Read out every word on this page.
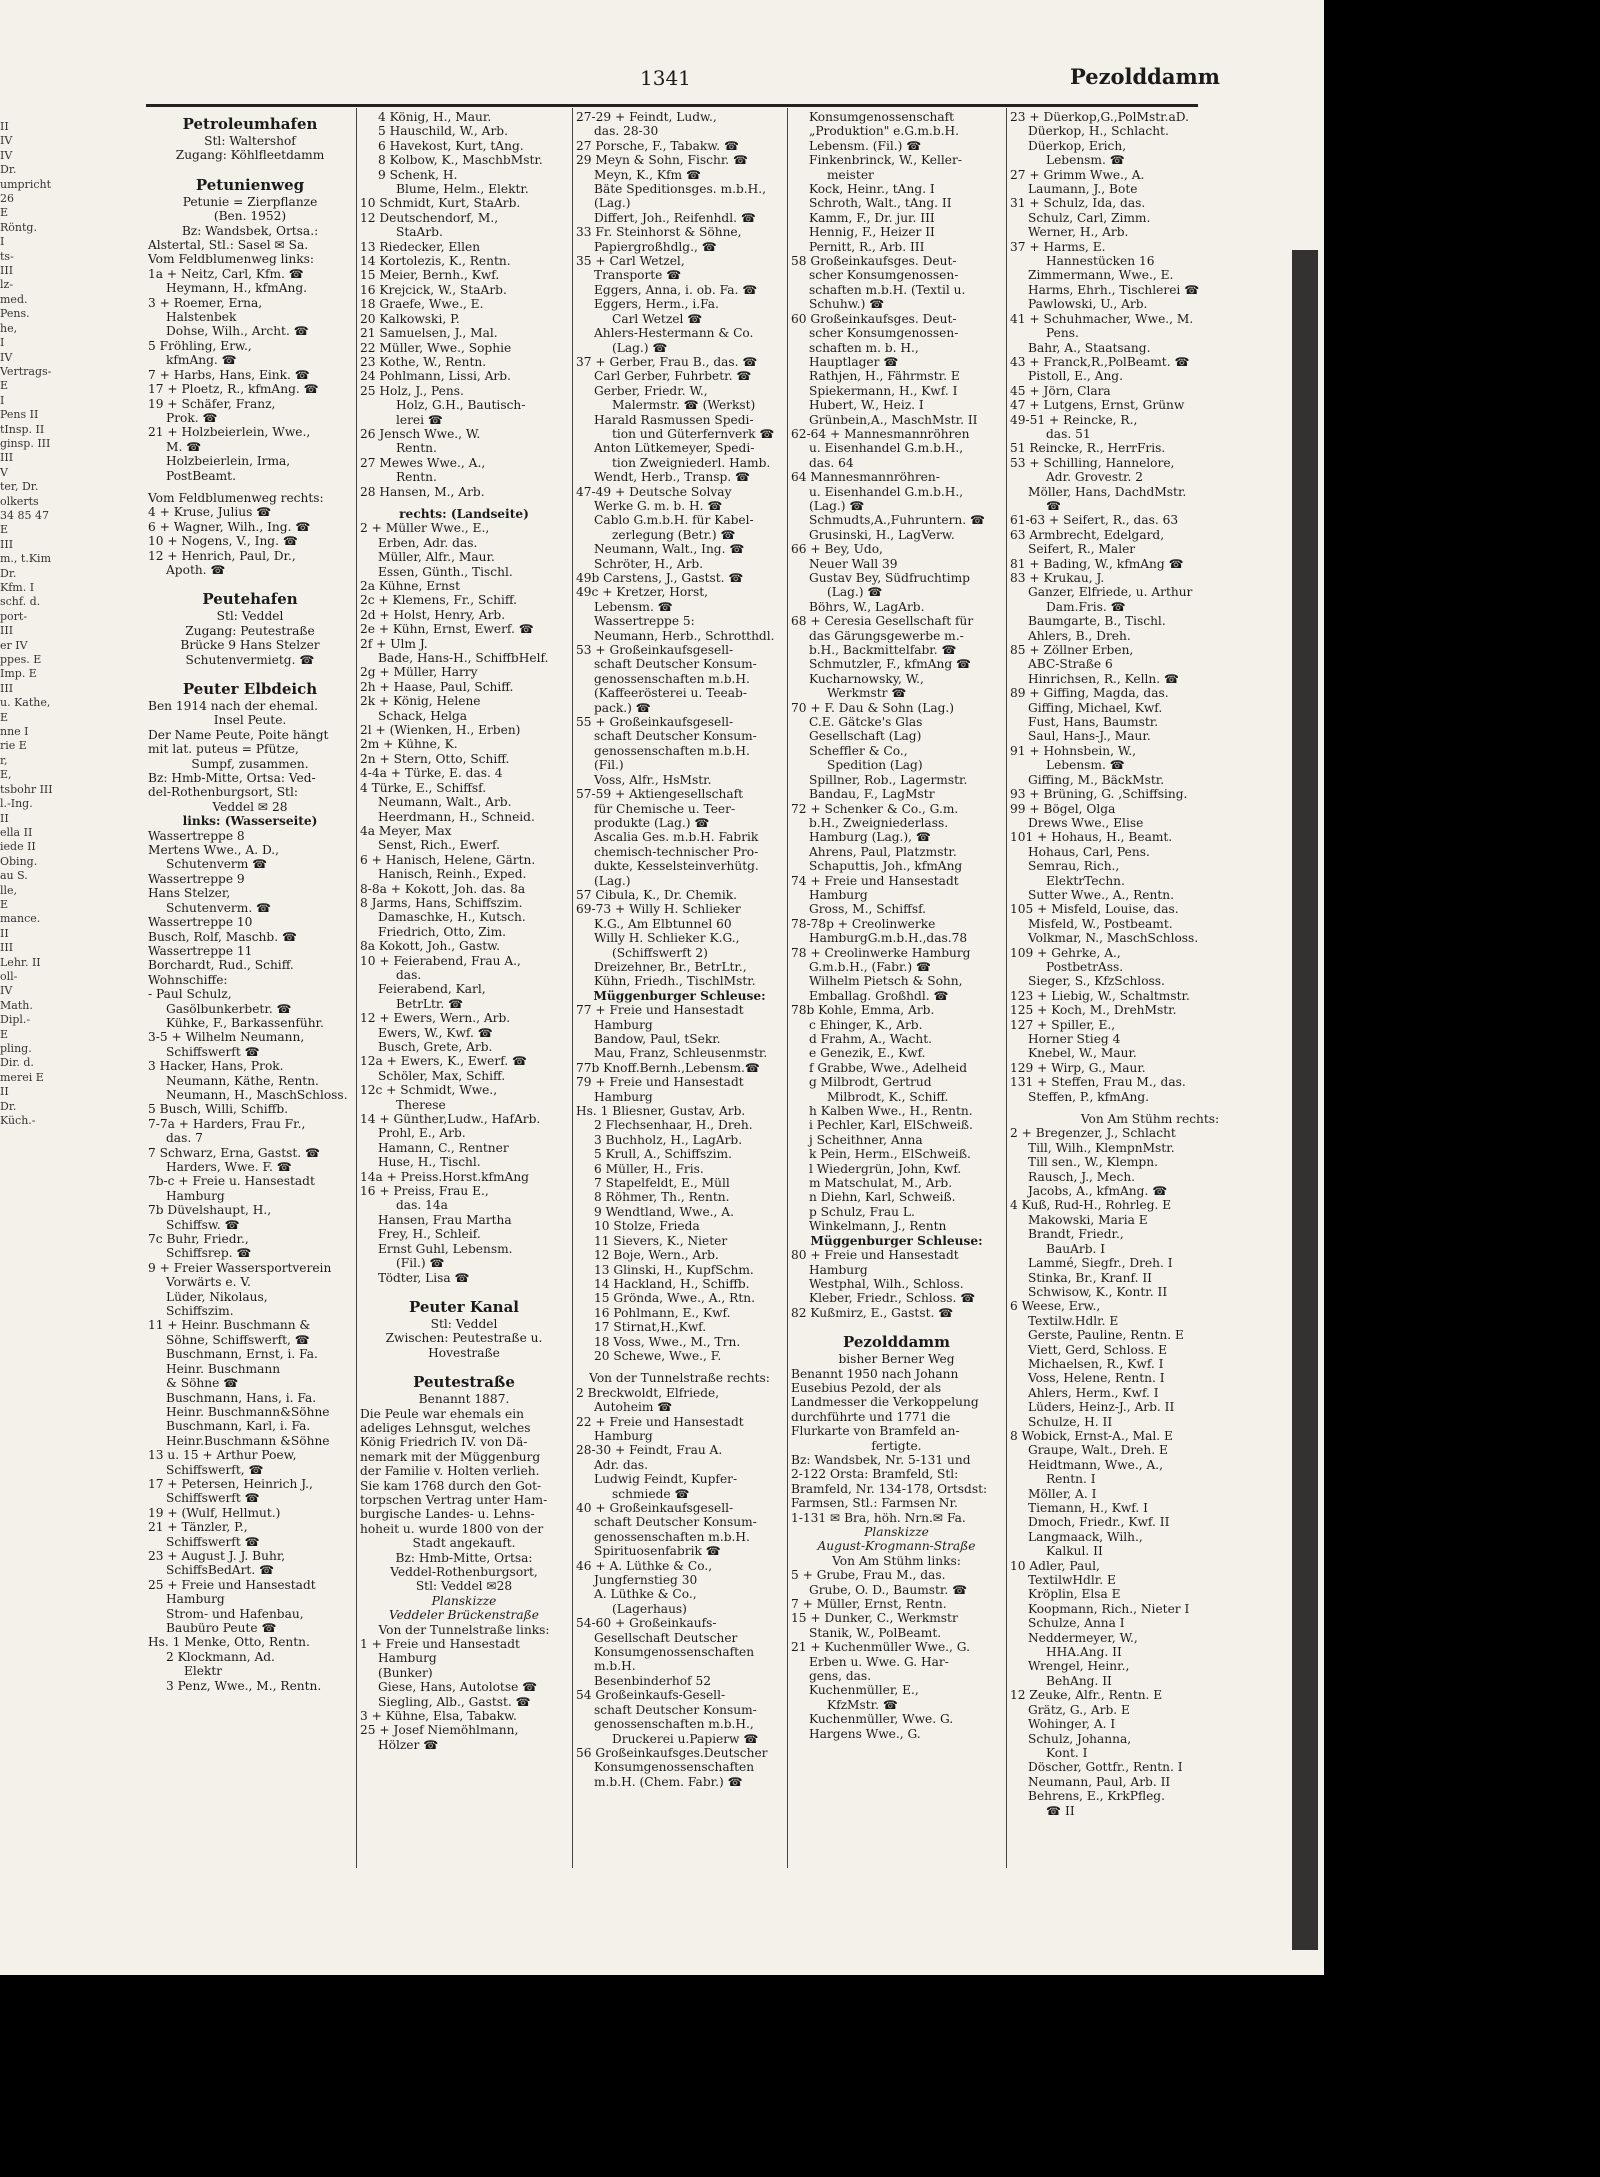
II
IV
IV
Dr.
umpricht
26
E
Röntg.
I
ts-
III
lz-
med.
Pens.
he,
I
IV
Vertrags-
E
I
Pens II
tInsp. II
ginsp. III
III
V
ter, Dr.
olkerts
34 85 47
E
III
m., t.Kim
Dr.
Kfm. I
schf. d.
port-
III
er IV
ppes. E
Imp. E
III
u. Kathe,
E
nne I
rie E
r,
E,
tsbohr III
l.-Ing.
II
ella II
iede II
Obing.
au S.
lle,
E
mance.
II
III
Lehr. II
oll-
IV
Math.
Dipl.-
E
pling.
Dir. d.
merei E
II
Dr.
Küch.-
1341	Pezolddamm
Petroleumhafen
Stl: Waltershof
Zugang: Köhlfleetdamm
Petunienweg
Petunie = Zierpflanze
(Ben. 1952)
Bz: Wandsbek, Ortsa.:
Alstertal, Stl.: Sasel ✉ Sa.
Vom Feldblumenweg links:
1a + Neitz, Carl, Kfm. ☎
Heymann, H., kfmAng.
3 + Roemer, Erna,
Halstenbek
Dohse, Wilh., Archt. ☎
5 Fröhling, Erw.,
kfmAng. ☎
7 + Harbs, Hans, Eink. ☎
17 + Ploetz, R., kfmAng. ☎
19 + Schäfer, Franz,
Prok. ☎
21 + Holzbeierlein, Wwe.,
M. ☎
Holzbeierlein, Irma,
PostBeamt.
Vom Feldblumenweg rechts:
4 + Kruse, Julius ☎
6 + Wagner, Wilh., Ing. ☎
10 + Nogens, V., Ing. ☎
12 + Henrich, Paul, Dr.,
Apoth. ☎
Peutehafen
Stl: Veddel
Zugang: Peutestraße
Brücke 9 Hans Stelzer
Schutenvermietg. ☎
Peuter Elbdeich
Ben 1914 nach der ehemal.
Insel Peute.
Der Name Peute, Poite hängt
mit lat. puteus = Pfütze,
Sumpf, zusammen.
Bz: Hmb-Mitte, Ortsa: Ved-
del-Rothenburgsort, Stl:
Veddel ✉ 28
links: (Wasserseite)
Wassertreppe 8
Mertens Wwe., A. D.,
Schutenverm ☎
Wassertreppe 9
Hans Stelzer,
Schutenverm. ☎
Wassertreppe 10
Busch, Rolf, Maschb. ☎
Wassertreppe 11
Borchardt, Rud., Schiff.
Wohnschiffe:
- Paul Schulz,
Gasölbunkerbetr. ☎
Kühke, F., Barkassenführ.
3-5 + Wilhelm Neumann,
Schiffswerft ☎
3 Hacker, Hans, Prok.
Neumann, Käthe, Rentn.
Neumann, H., MaschSchloss.
5 Busch, Willi, Schiffb.
7-7a + Harders, Frau Fr.,
das. 7
7 Schwarz, Erna, Gastst. ☎
Harders, Wwe. F. ☎
7b-c + Freie u. Hansestadt
Hamburg
7b Düvelshaupt, H.,
Schiffsw. ☎
7c Buhr, Friedr.,
Schiffsrep. ☎
9 + Freier Wassersportverein
Vorwärts e. V.
Lüder, Nikolaus,
Schiffszim.
11 + Heinr. Buschmann &
Söhne, Schiffswerft, ☎
Buschmann, Ernst, i. Fa.
Heinr. Buschmann
& Söhne ☎
Buschmann, Hans, i. Fa.
Heinr. Buschmann&Söhne
Buschmann, Karl, i. Fa.
Heinr.Buschmann &Söhne
13 u. 15 + Arthur Poew,
Schiffswerft, ☎
17 + Petersen, Heinrich J.,
Schiffswerft ☎
19 + (Wulf, Hellmut.)
21 + Tänzler, P.,
Schiffswerft ☎
23 + August J. J. Buhr,
SchiffsBedArt. ☎
25 + Freie und Hansestadt
Hamburg
Strom- und Hafenbau,
Baubüro Peute ☎
Hs. 1 Menke, Otto, Rentn.
2 Klockmann, Ad.
Elektr
3 Penz, Wwe., M., Rentn.
4 König, H., Maur.
5 Hauschild, W., Arb.
6 Havekost, Kurt, tAng.
8 Kolbow, K., MaschbMstr.
9 Schenk, H.
Blume, Helm., Elektr.
10 Schmidt, Kurt, StaArb.
12 Deutschendorf, M.,
StaArb.
13 Riedecker, Ellen
14 Kortolezis, K., Rentn.
15 Meier, Bernh., Kwf.
16 Krejcick, W., StaArb.
18 Graefe, Wwe., E.
20 Kalkowski, P.
21 Samuelsen, J., Mal.
22 Müller, Wwe., Sophie
23 Kothe, W., Rentn.
24 Pohlmann, Lissi, Arb.
25 Holz, J., Pens.
Holz, G.H., Bautisch-
lerei ☎
26 Jensch Wwe., W.
Rentn.
27 Mewes Wwe., A.,
Rentn.
28 Hansen, M., Arb.
rechts: (Landseite)
2 + Müller Wwe., E.,
Erben, Adr. das.
Müller, Alfr., Maur.
Essen, Günth., Tischl.
2a Kühne, Ernst
2c + Klemens, Fr., Schiff.
2d + Holst, Henry, Arb.
2e + Kühn, Ernst, Ewerf. ☎
2f + Ulm J.
Bade, Hans-H., SchiffbHelf.
2g + Müller, Harry
2h + Haase, Paul, Schiff.
2k + König, Helene
Schack, Helga
2l + (Wienken, H., Erben)
2m + Kühne, K.
2n + Stern, Otto, Schiff.
4-4a + Türke, E. das. 4
4 Türke, E., Schiffsf.
Neumann, Walt., Arb.
Heerdmann, H., Schneid.
4a Meyer, Max
Senst, Rich., Ewerf.
6 + Hanisch, Helene, Gärtn.
Hanisch, Reinh., Exped.
8-8a + Kokott, Joh. das. 8a
8 Jarms, Hans, Schiffszim.
Damaschke, H., Kutsch.
Friedrich, Otto, Zim.
8a Kokott, Joh., Gastw.
10 + Feierabend, Frau A.,
das.
Feierabend, Karl,
BetrLtr. ☎
12 + Ewers, Wern., Arb.
Ewers, W., Kwf. ☎
Busch, Grete, Arb.
12a + Ewers, K., Ewerf. ☎
Schöler, Max, Schiff.
12c + Schmidt, Wwe.,
Therese
14 + Günther,Ludw., HafArb.
Prohl, E., Arb.
Hamann, C., Rentner
Huse, H., Tischl.
14a + Preiss.Horst.kfmAng
16 + Preiss, Frau E.,
das. 14a
Hansen, Frau Martha
Frey, H., Schleif.
Ernst Guhl, Lebensm.
(Fil.) ☎
Tödter, Lisa ☎
Peuter Kanal
Stl: Veddel
Zwischen: Peutestraße u.
Hovestraße
Peutestraße
Benannt 1887.
Die Peule war ehemals ein
adeliges Lehnsgut, welches
König Friedrich IV. von Dä-
nemark mit der Müggenburg
der Familie v. Holten verlieh.
Sie kam 1768 durch den Got-
torpschen Vertrag unter Ham-
burgische Landes- u. Lehns-
hoheit u. wurde 1800 von der
Stadt angekauft.
Bz: Hmb-Mitte, Ortsa:
Veddel-Rothenburgsort,
Stl: Veddel ✉28
Planskizze
Veddeler Brückenstraße
Von der Tunnelstraße links:
1 + Freie und Hansestadt
Hamburg
(Bunker)
Giese, Hans, Autolotse ☎
Siegling, Alb., Gastst. ☎
3 + Kühne, Elsa, Tabakw.
25 + Josef Niemöhlmann,
Hölzer ☎
27-29 + Feindt, Ludw.,
das. 28-30
27 Porsche, F., Tabakw. ☎
29 Meyn & Sohn, Fischr. ☎
Meyn, K., Kfm ☎
Bäte Speditionsges. m.b.H.,
(Lag.)
Differt, Joh., Reifenhdl. ☎
33 Fr. Steinhorst & Söhne,
Papiergroßhdlg., ☎
35 + Carl Wetzel,
Transporte ☎
Eggers, Anna, i. ob. Fa. ☎
Eggers, Herm., i.Fa.
Carl Wetzel ☎
Ahlers-Hestermann & Co.
(Lag.) ☎
37 + Gerber, Frau B., das. ☎
Carl Gerber, Fuhrbetr. ☎
Gerber, Friedr. W.,
Malermstr. ☎ (Werkst)
Harald Rasmussen Spedi-
tion und Güterfernverk ☎
Anton Lütkemeyer, Spedi-
tion Zweigniederl. Hamb.
Wendt, Herb., Transp. ☎
47-49 + Deutsche Solvay
Werke G. m. b. H. ☎
Cablo G.m.b.H. für Kabel-
zerlegung (Betr.) ☎
Neumann, Walt., Ing. ☎
Schröter, H., Arb.
49b Carstens, J., Gastst. ☎
49c + Kretzer, Horst,
Lebensm. ☎
Wassertreppe 5:
Neumann, Herb., Schrotthdl.
53 + Großeinkaufsgesell-
schaft Deutscher Konsum-
genossenschaften m.b.H.
(Kaffeerösterei u. Teeab-
pack.) ☎
55 + Großeinkaufsgesell-
schaft Deutscher Konsum-
genossenschaften m.b.H.
(Fil.)
Voss, Alfr., HsMstr.
57-59 + Aktiengesellschaft
für Chemische u. Teer-
produkte (Lag.) ☎
Ascalia Ges. m.b.H. Fabrik
chemisch-technischer Pro-
dukte, Kesselsteinverhütg.
(Lag.)
57 Cibula, K., Dr. Chemik.
69-73 + Willy H. Schlieker
K.G., Am Elbtunnel 60
Willy H. Schlieker K.G.,
(Schiffswerft 2)
Dreizehner, Br., BetrLtr.,
Kühn, Friedh., TischlMstr.
Müggenburger Schleuse:
77 + Freie und Hansestadt
Hamburg
Bandow, Paul, tSekr.
Mau, Franz, Schleusenmstr.
77b Knoff.Bernh.,Lebensm.☎
79 + Freie und Hansestadt
Hamburg
Hs. 1 Bliesner, Gustav, Arb.
2 Flechsenhaar, H., Dreh.
3 Buchholz, H., LagArb.
5 Krull, A., Schiffszim.
6 Müller, H., Fris.
7 Stapelfeldt, E., Müll
8 Röhmer, Th., Rentn.
9 Wendtland, Wwe., A.
10 Stolze, Frieda
11 Sievers, K., Nieter
12 Boje, Wern., Arb.
13 Glinski, H., KupfSchm.
14 Hackland, H., Schiffb.
15 Grönda, Wwe., A., Rtn.
16 Pohlmann, E., Kwf.
17 Stirnat,H.,Kwf.
18 Voss, Wwe., M., Trn.
20 Schewe, Wwe., F.
Von der Tunnelstraße rechts:
2 Breckwoldt, Elfriede,
Autoheim ☎
22 + Freie und Hansestadt
Hamburg
28-30 + Feindt, Frau A.
Adr. das.
Ludwig Feindt, Kupfer-
schmiede ☎
40 + Großeinkaufsgesell-
schaft Deutscher Konsum-
genossenschaften m.b.H.
Spirituosenfabrik ☎
46 + A. Lüthke & Co.,
Jungfernstieg 30
A. Lüthke & Co.,
(Lagerhaus)
54-60 + Großeinkaufs-
Gesellschaft Deutscher
Konsumgenossenschaften
m.b.H.
Besenbinderhof 52
54 Großeinkaufs-Gesell-
schaft Deutscher Konsum-
genossenschaften m.b.H.,
Druckerei u.Papierw ☎
56 Großeinkaufsges.Deutscher
Konsumgenossenschaften
m.b.H. (Chem. Fabr.) ☎
Konsumgenossenschaft
„Produktion" e.G.m.b.H.
Lebensm. (Fil.) ☎
Finkenbrinck, W., Keller-
meister
Kock, Heinr., tAng. I
Schroth, Walt., tAng. II
Kamm, F., Dr. jur. III
Hennig, F., Heizer II
Pernitt, R., Arb. III
58 Großeinkaufsges. Deut-
scher Konsumgenossen-
schaften m.b.H. (Textil u.
Schuhw.) ☎
60 Großeinkaufsges. Deut-
scher Konsumgenossen-
schaften m. b. H.,
Hauptlager ☎
Rathjen, H., Fährmstr. E
Spiekermann, H., Kwf. I
Hubert, W., Heiz. I
Grünbein,A., MaschMstr. II
62-64 + Mannesmannröhren
u. Eisenhandel G.m.b.H.,
das. 64
64 Mannesmannröhren-
u. Eisenhandel G.m.b.H.,
(Lag.) ☎
Schmudts,A.,Fuhruntern. ☎
Grusinski, H., LagVerw.
66 + Bey, Udo,
Neuer Wall 39
Gustav Bey, Südfruchtimp
(Lag.) ☎
Böhrs, W., LagArb.
68 + Ceresia Gesellschaft für
das Gärungsgewerbe m.-
b.H., Backmittelfabr. ☎
Schmutzler, F., kfmAng ☎
Kucharnowsky, W.,
Werkmstr ☎
70 + F. Dau & Sohn (Lag.)
C.E. Gätcke's Glas
Gesellschaft (Lag)
Scheffler & Co.,
Spedition (Lag)
Spillner, Rob., Lagermstr.
Bandau, F., LagMstr
72 + Schenker & Co., G.m.
b.H., Zweigniederlass.
Hamburg (Lag.), ☎
Ahrens, Paul, Platzmstr.
Schaputtis, Joh., kfmAng
74 + Freie und Hansestadt
Hamburg
Gross, M., Schiffsf.
78-78p + Creolinwerke
HamburgG.m.b.H.,das.78
78 + Creolinwerke Hamburg
G.m.b.H., (Fabr.) ☎
Wilhelm Pietsch & Sohn,
Emballag. Großhdl. ☎
78b Kohle, Emma, Arb.
c Ehinger, K., Arb.
d Frahm, A., Wacht.
e Genezik, E., Kwf.
f Grabbe, Wwe., Adelheid
g Milbrodt, Gertrud
Milbrodt, K., Schiff.
h Kalben Wwe., H., Rentn.
i Pechler, Karl, ElSchweiß.
j Scheithner, Anna
k Pein, Herm., ElSchweiß.
l Wiedergrün, John, Kwf.
m Matschulat, M., Arb.
n Diehn, Karl, Schweiß.
p Schulz, Frau L.
Winkelmann, J., Rentn
Müggenburger Schleuse:
80 + Freie und Hansestadt
Hamburg
Westphal, Wilh., Schloss.
Kleber, Friedr., Schloss. ☎
82 Kußmirz, E., Gastst. ☎
Pezolddamm
bisher Berner Weg
Benannt 1950 nach Johann
Eusebius Pezold, der als
Landmesser die Verkoppelung
durchführte und 1771 die
Flurkarte von Bramfeld an-
fertigte.
Bz: Wandsbek, Nr. 5-131 und
2-122 Orsta: Bramfeld, Stl:
Bramfeld, Nr. 134-178, Ortsdst:
Farmsen, Stl.: Farmsen Nr.
1-131 ✉ Bra, höh. Nrn.✉ Fa.
Planskizze
August-Krogmann-Straße
Von Am Stühm links:
5 + Grube, Frau M., das.
Grube, O. D., Baumstr. ☎
7 + Müller, Ernst, Rentn.
15 + Dunker, C., Werkmstr
Stanik, W., PolBeamt.
21 + Kuchenmüller Wwe., G.
Erben u. Wwe. G. Har-
gens, das.
Kuchenmüller, E.,
KfzMstr. ☎
Kuchenmüller, Wwe. G.
Hargens Wwe., G.
23 + Düerkop,G.,PolMstr.aD.
Düerkop, H., Schlacht.
Düerkop, Erich,
Lebensm. ☎
27 + Grimm Wwe., A.
Laumann, J., Bote
31 + Schulz, Ida, das.
Schulz, Carl, Zimm.
Werner, H., Arb.
37 + Harms, E.
Hannestücken 16
Zimmermann, Wwe., E.
Harms, Ehrh., Tischlerei ☎
Pawlowski, U., Arb.
41 + Schuhmacher, Wwe., M.
Pens.
Bahr, A., Staatsang.
43 + Franck,R.,PolBeamt. ☎
Pistoll, E., Ang.
45 + Jörn, Clara
47 + Lutgens, Ernst, Grünw
49-51 + Reincke, R.,
das. 51
51 Reincke, R., HerrFris.
53 + Schilling, Hannelore,
Adr. Grovestr. 2
Möller, Hans, DachdMstr.
☎
61-63 + Seifert, R., das. 63
63 Armbrecht, Edelgard,
Seifert, R., Maler
81 + Bading, W., kfmAng ☎
83 + Krukau, J.
Ganzer, Elfriede, u. Arthur
Dam.Fris. ☎
Baumgarte, B., Tischl.
Ahlers, B., Dreh.
85 + Zöllner Erben,
ABC-Straße 6
Hinrichsen, R., Kelln. ☎
89 + Giffing, Magda, das.
Giffing, Michael, Kwf.
Fust, Hans, Baumstr.
Saul, Hans-J., Maur.
91 + Hohnsbein, W.,
Lebensm. ☎
Giffing, M., BäckMstr.
93 + Brüning, G. ,Schiffsing.
99 + Bögel, Olga
Drews Wwe., Elise
101 + Hohaus, H., Beamt.
Hohaus, Carl, Pens.
Semrau, Rich.,
ElektrTechn.
Sutter Wwe., A., Rentn.
105 + Misfeld, Louise, das.
Misfeld, W., Postbeamt.
Volkmar, N., MaschSchloss.
109 + Gehrke, A.,
PostbetrAss.
Sieger, S., KfzSchloss.
123 + Liebig, W., Schaltmstr.
125 + Koch, M., DrehMstr.
127 + Spiller, E.,
Horner Stieg 4
Knebel, W., Maur.
129 + Wirp, G., Maur.
131 + Steffen, Frau M., das.
Steffen, P., kfmAng.
Von Am Stühm rechts:
2 + Bregenzer, J., Schlacht
Till, Wilh., KlempnMstr.
Till sen., W., Klempn.
Rausch, J., Mech.
Jacobs, A., kfmAng. ☎
4 Kuß, Rud-H., Rohrleg. E
Makowski, Maria E
Brandt, Friedr.,
BauArb. I
Lammé, Siegfr., Dreh. I
Stinka, Br., Kranf. II
Schwisow, K., Kontr. II
6 Weese, Erw.,
Textilw.Hdlr. E
Gerste, Pauline, Rentn. E
Viett, Gerd, Schloss. E
Michaelsen, R., Kwf. I
Voss, Helene, Rentn. I
Ahlers, Herm., Kwf. I
Lüders, Heinz-J., Arb. II
Schulze, H. II
8 Wobick, Ernst-A., Mal. E
Graupe, Walt., Dreh. E
Heidtmann, Wwe., A.,
Rentn. I
Möller, A. I
Tiemann, H., Kwf. I
Dmoch, Friedr., Kwf. II
Langmaack, Wilh.,
Kalkul. II
10 Adler, Paul,
TextilwHdlr. E
Kröplin, Elsa E
Koopmann, Rich., Nieter I
Schulze, Anna I
Neddermeyer, W.,
HHA.Ang. II
Wrengel, Heinr.,
BehAng. II
12 Zeuke, Alfr., Rentn. E
Grätz, G., Arb. E
Wohinger, A. I
Schulz, Johanna,
Kont. I
Döscher, Gottfr., Rentn. I
Neumann, Paul, Arb. II
Behrens, E., KrkPfleg.
☎ II
